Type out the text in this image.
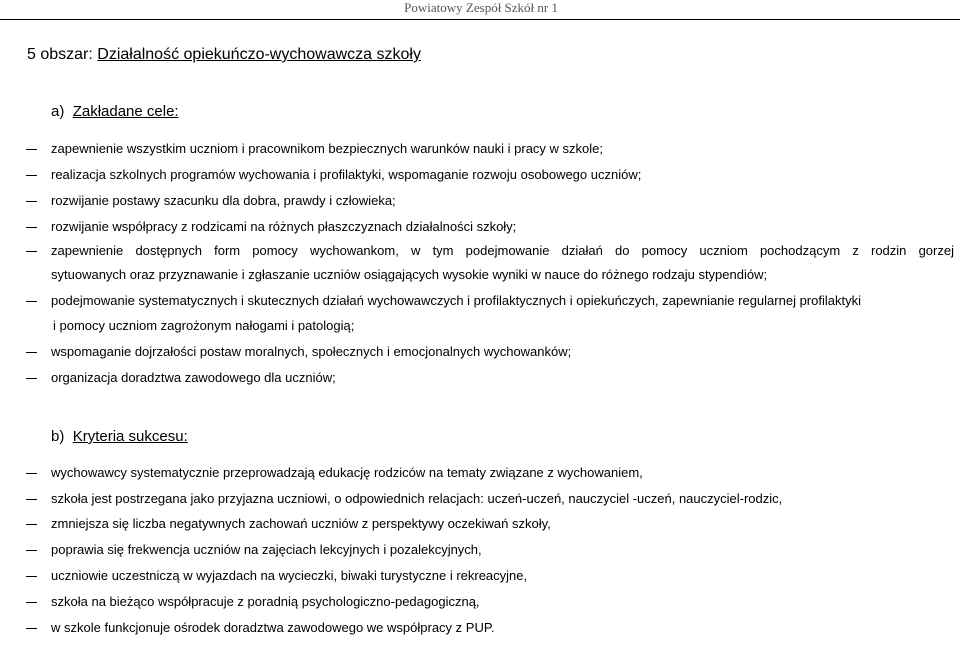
Powiatowy Zespół Szkół nr 1
5 obszar: Działalność opiekuńczo-wychowawcza szkoły
a) Zakładane cele:
zapewnienie wszystkim uczniom i pracownikom bezpiecznych warunków nauki i pracy w szkole;
realizacja szkolnych programów wychowania i profilaktyki, wspomaganie rozwoju osobowego uczniów;
rozwijanie postawy szacunku dla dobra, prawdy i człowieka;
rozwijanie współpracy z rodzicami na różnych płaszczyznach działalności szkoły;
zapewnienie dostępnych form pomocy wychowankom, w tym podejmowanie działań do pomocy uczniom pochodzącym z rodzin gorzej
sytuowanych oraz przyznawanie i zgłaszanie uczniów osiągających wysokie wyniki w nauce do różnego rodzaju stypendiów;
podejmowanie systematycznych i skutecznych działań wychowawczych i profilaktycznych i opiekuńczych, zapewnianie regularnej profilaktyki
i pomocy uczniom zagrożonym nałogami i patologią;
wspomaganie dojrzałości postaw moralnych, społecznych i emocjonalnych wychowanków;
organizacja doradztwa zawodowego dla uczniów;
b) Kryteria sukcesu:
wychowawcy systematycznie przeprowadzają edukację rodziców na tematy związane z wychowaniem,
szkoła jest postrzegana jako przyjazna uczniowi, o odpowiednich relacjach: uczeń-uczeń, nauczyciel -uczeń, nauczyciel-rodzic,
zmniejsza się liczba negatywnych zachowań uczniów z perspektywy oczekiwań szkoły,
poprawia się frekwencja uczniów na zajęciach lekcyjnych i pozalekcyjnych,
uczniowie uczestniczą w wyjazdach na wycieczki, biwaki turystyczne i rekreacyjne,
szkoła na bieżąco współpracuje z poradnią psychologiczno-pedagogiczną,
w szkole funkcjonuje ośrodek doradztwa zawodowego we współpracy z PUP.
